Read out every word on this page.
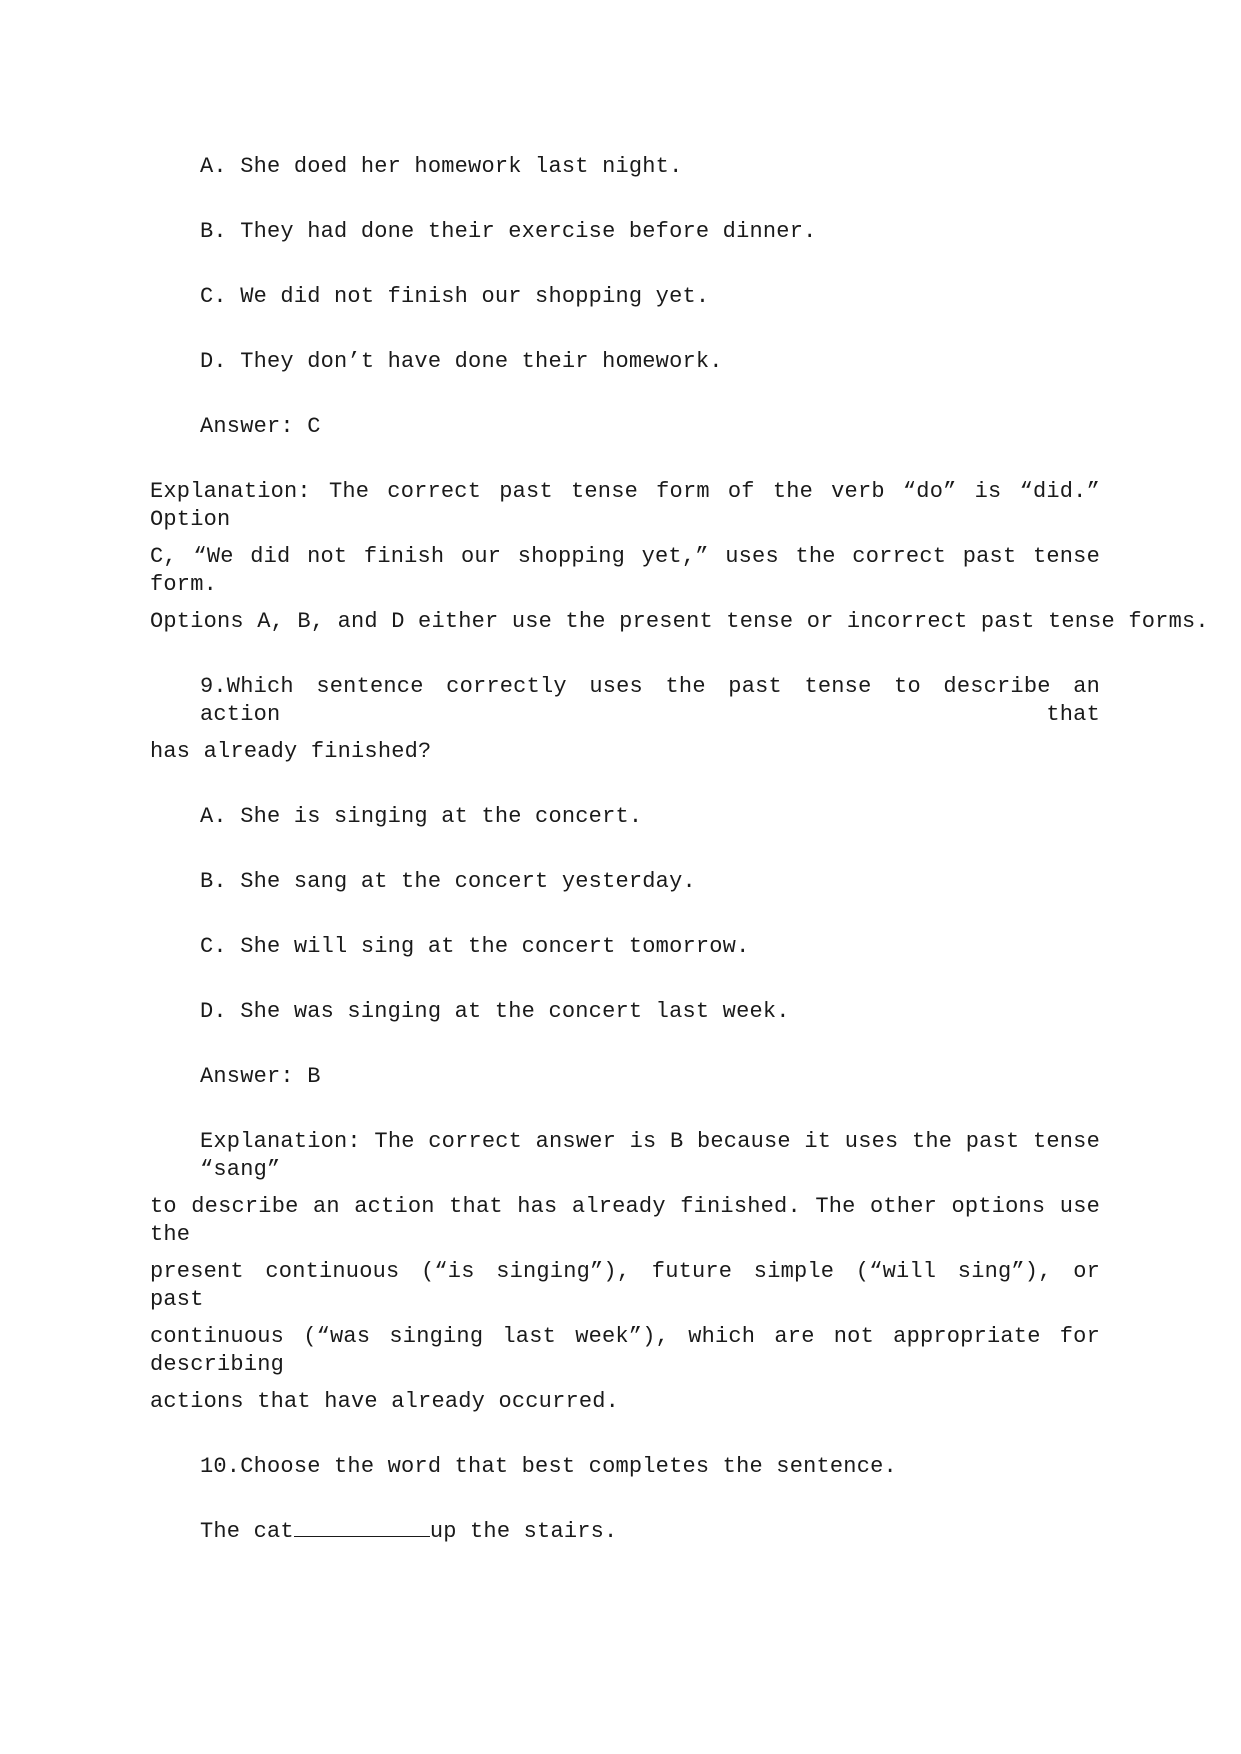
A. She doed her homework last night.
B. They had done their exercise before dinner.
C. We did not finish our shopping yet.
D. They don’t have done their homework.
Answer: C
Explanation: The correct past tense form of the verb “do” is “did.” Option
C, “We did not finish our shopping yet,” uses the correct past tense form.
Options A, B, and D either use the present tense or incorrect past tense forms.
9.Which sentence correctly uses the past tense to describe an action that
has already finished?
A. She is singing at the concert.
B. She sang at the concert yesterday.
C. She will sing at the concert tomorrow.
D. She was singing at the concert last week.
Answer: B
Explanation: The correct answer is B because it uses the past tense “sang”
to describe an action that has already finished. The other options use the
present continuous (“is singing”), future simple (“will sing”), or past
continuous (“was singing last week”), which are not appropriate for describing
actions that have already occurred.
10.Choose the word that best completes the sentence.
The cat	up the stairs.
